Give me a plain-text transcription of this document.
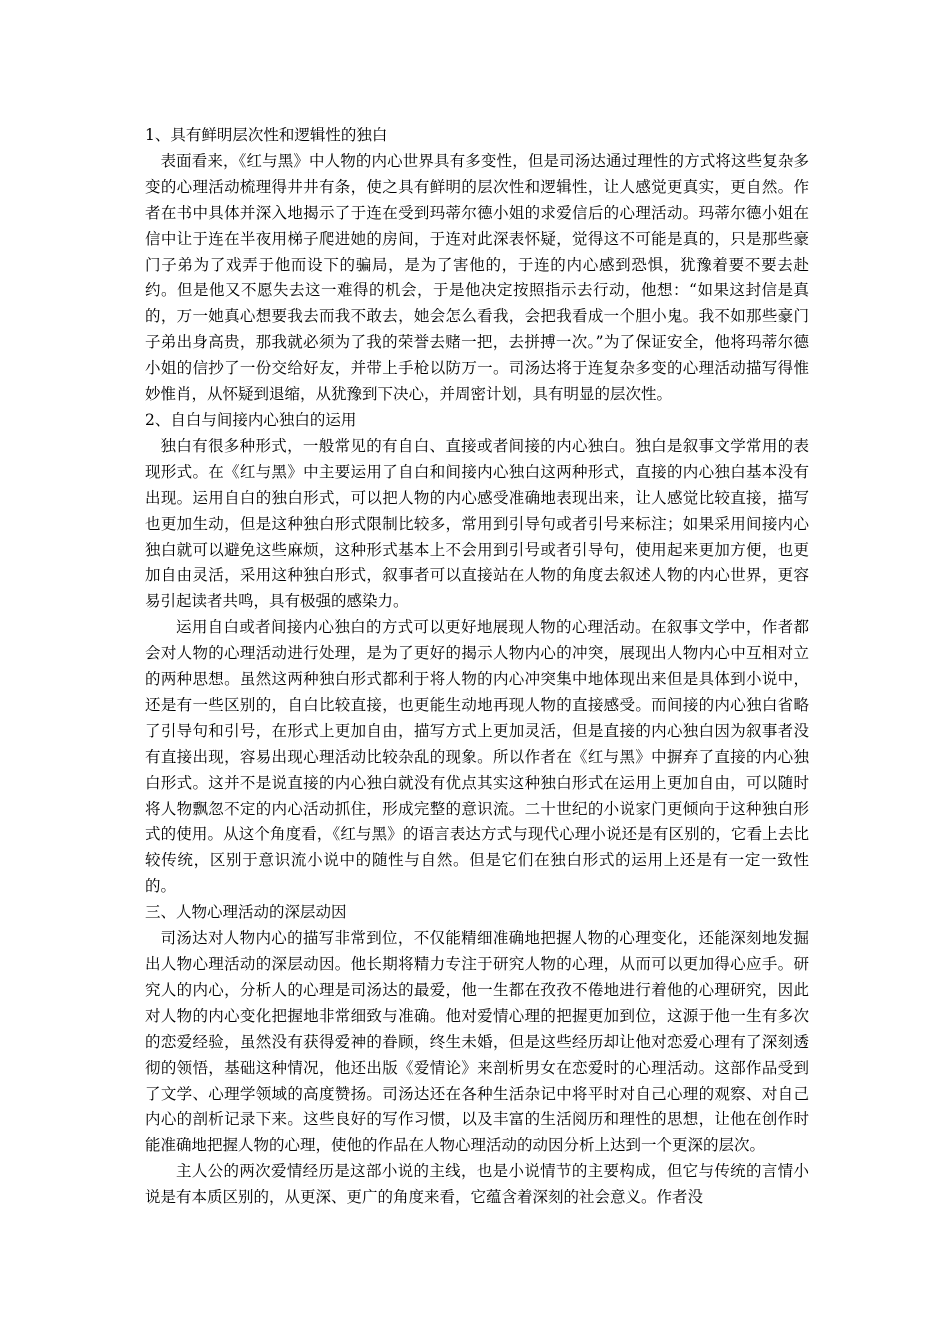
1、具有鲜明层次性和逻辑性的独白

表面看来，《红与黑》中人物的内心世界具有多变性，但是司汤达通过理性的方式将这些复杂多变的心理活动梳理得井井有条，使之具有鲜明的层次性和逻辑性，让人感觉更真实，更自然。作者在书中具体并深入地揭示了于连在受到玛蒂尔德小姐的求爱信后的心理活动。玛蒂尔德小姐在信中让于连在半夜用梯子爬进她的房间，于连对此深表怀疑，觉得这不可能是真的，只是那些豪门子弟为了戏弄于他而设下的骗局，是为了害他的，于连的内心感到恐惧，犹豫着要不要去赴约。但是他又不愿失去这一难得的机会，于是他决定按照指示去行动，他想：“如果这封信是真的，万一她真心想要我去而我不敢去，她会怎么看我，会把我看成一个胆小鬼。我不如那些豪门子弟出身高贵，那我就必须为了我的荣誉去赌一把，去拼搏一次。”为了保证安全，他将玛蒂尔德小姐的信抄了一份交给好友，并带上手枪以防万一。司汤达将于连复杂多变的心理活动描写得惟妙惟肖，从怀疑到退缩，从犹豫到下决心，并周密计划，具有明显的层次性。

2、自白与间接内心独白的运用

独白有很多种形式，一般常见的有自白、直接或者间接的内心独白。独白是叙事文学常用的表现形式。在《红与黑》中主要运用了自白和间接内心独白这两种形式，直接的内心独白基本没有出现。运用自白的独白形式，可以把人物的内心感受准确地表现出来，让人感觉比较直接，描写也更加生动，但是这种独白形式限制比较多，常用到引导句或者引号来标注；如果采用间接内心独白就可以避免这些麻烦，这种形式基本上不会用到引号或者引导句，使用起来更加方便，也更加自由灵活，采用这种独白形式，叙事者可以直接站在人物的角度去叙述人物的内心世界，更容易引起读者共鸣，具有极强的感染力。

运用自白或者间接内心独白的方式可以更好地展现人物的心理活动。在叙事文学中，作者都会对人物的心理活动进行处理，是为了更好的揭示人物内心的冲突，展现出人物内心中互相对立的两种思想。虽然这两种独白形式都利于将人物的内心冲突集中地体现出来但是具体到小说中，还是有一些区别的，自白比较直接，也更能生动地再现人物的直接感受。而间接的内心独白省略了引导句和引号，在形式上更加自由，描写方式上更加灵活，但是直接的内心独白因为叙事者没有直接出现，容易出现心理活动比较杂乱的现象。所以作者在《红与黑》中摒弃了直接的内心独白形式。这并不是说直接的内心独白就没有优点其实这种独白形式在运用上更加自由，可以随时将人物飘忽不定的内心活动抓住，形成完整的意识流。二十世纪的小说家门更倾向于这种独白形式的使用。从这个角度看，《红与黑》的语言表达方式与现代心理小说还是有区别的，它看上去比较传统，区别于意识流小说中的随性与自然。但是它们在独白形式的运用上还是有一定一致性的。

三、人物心理活动的深层动因

司汤达对人物内心的描写非常到位，不仅能精细准确地把握人物的心理变化，还能深刻地发掘出人物心理活动的深层动因。他长期将精力专注于研究人物的心理，从而可以更加得心应手。研究人的内心，分析人的心理是司汤达的最爱，他一生都在孜孜不倦地进行着他的心理研究，因此对人物的内心变化把握地非常细致与准确。他对爱情心理的把握更加到位，这源于他一生有多次的恋爱经验，虽然没有获得爱神的眷顾，终生未婚，但是这些经历却让他对恋爱心理有了深刻透彻的领悟，基础这种情况，他还出版《爱情论》来剖析男女在恋爱时的心理活动。这部作品受到了文学、心理学领域的高度赞扬。司汤达还在各种生活杂记中将平时对自己心理的观察、对自己内心的剖析记录下来。这些良好的写作习惯，以及丰富的生活阅历和理性的思想，让他在创作时能准确地把握人物的心理，使他的作品在人物心理活动的动因分析上达到一个更深的层次。

主人公的两次爱情经历是这部小说的主线，也是小说情节的主要构成，但它与传统的言情小说是有本质区别的，从更深、更广的角度来看，它蕴含着深刻的社会意义。作者没
